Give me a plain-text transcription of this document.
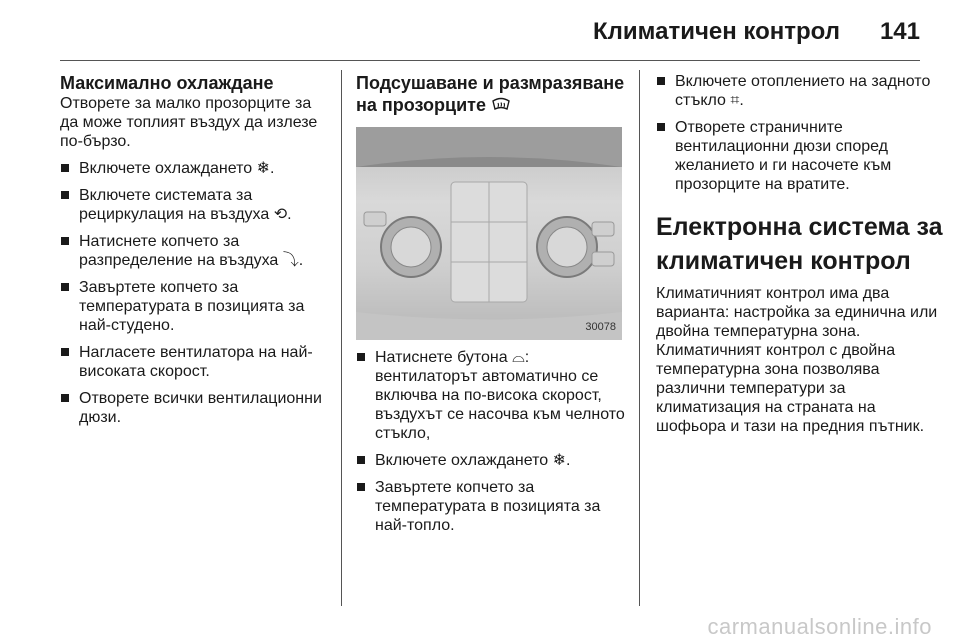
Климатичен контрол 141
Максимално охлаждане

Отворете за малко прозорците за да може топлият въздух да излезе по-бързо.

Включете охлаждането ❄.
Включете системата за рециркулация на въздуха ⟲.
Натиснете копчето за разпределение на въздуха ⤵.
Завъртете копчето за температурата в позицията за най-студено.
Нагласете вентилатора на най-високата скорост.
Отворете всички вентилационни дюзи.
Подсушаване и размразяване на прозорците
30078
Натиснете бутона ⌓: вентилаторът автоматично се включва на по-висока скорост, въздухът се насочва към челното стъкло,
Включете охлаждането ❄.
Завъртете копчето за температурата в позицията за най-топло.
Включете отоплението на задното стъкло ⌗.
Отворете страничните вентилационни дюзи според желанието и ги насочете към прозорците на вратите.
Електронна система за климатичен контрол

Климатичният контрол има два варианта: настройка за единична или двойна температурна зона. Климатичният контрол с двойна температурна зона позволява различни температури за климатизация на страната на шофьора и тази на предния пътник.

carmanualsonline.info
